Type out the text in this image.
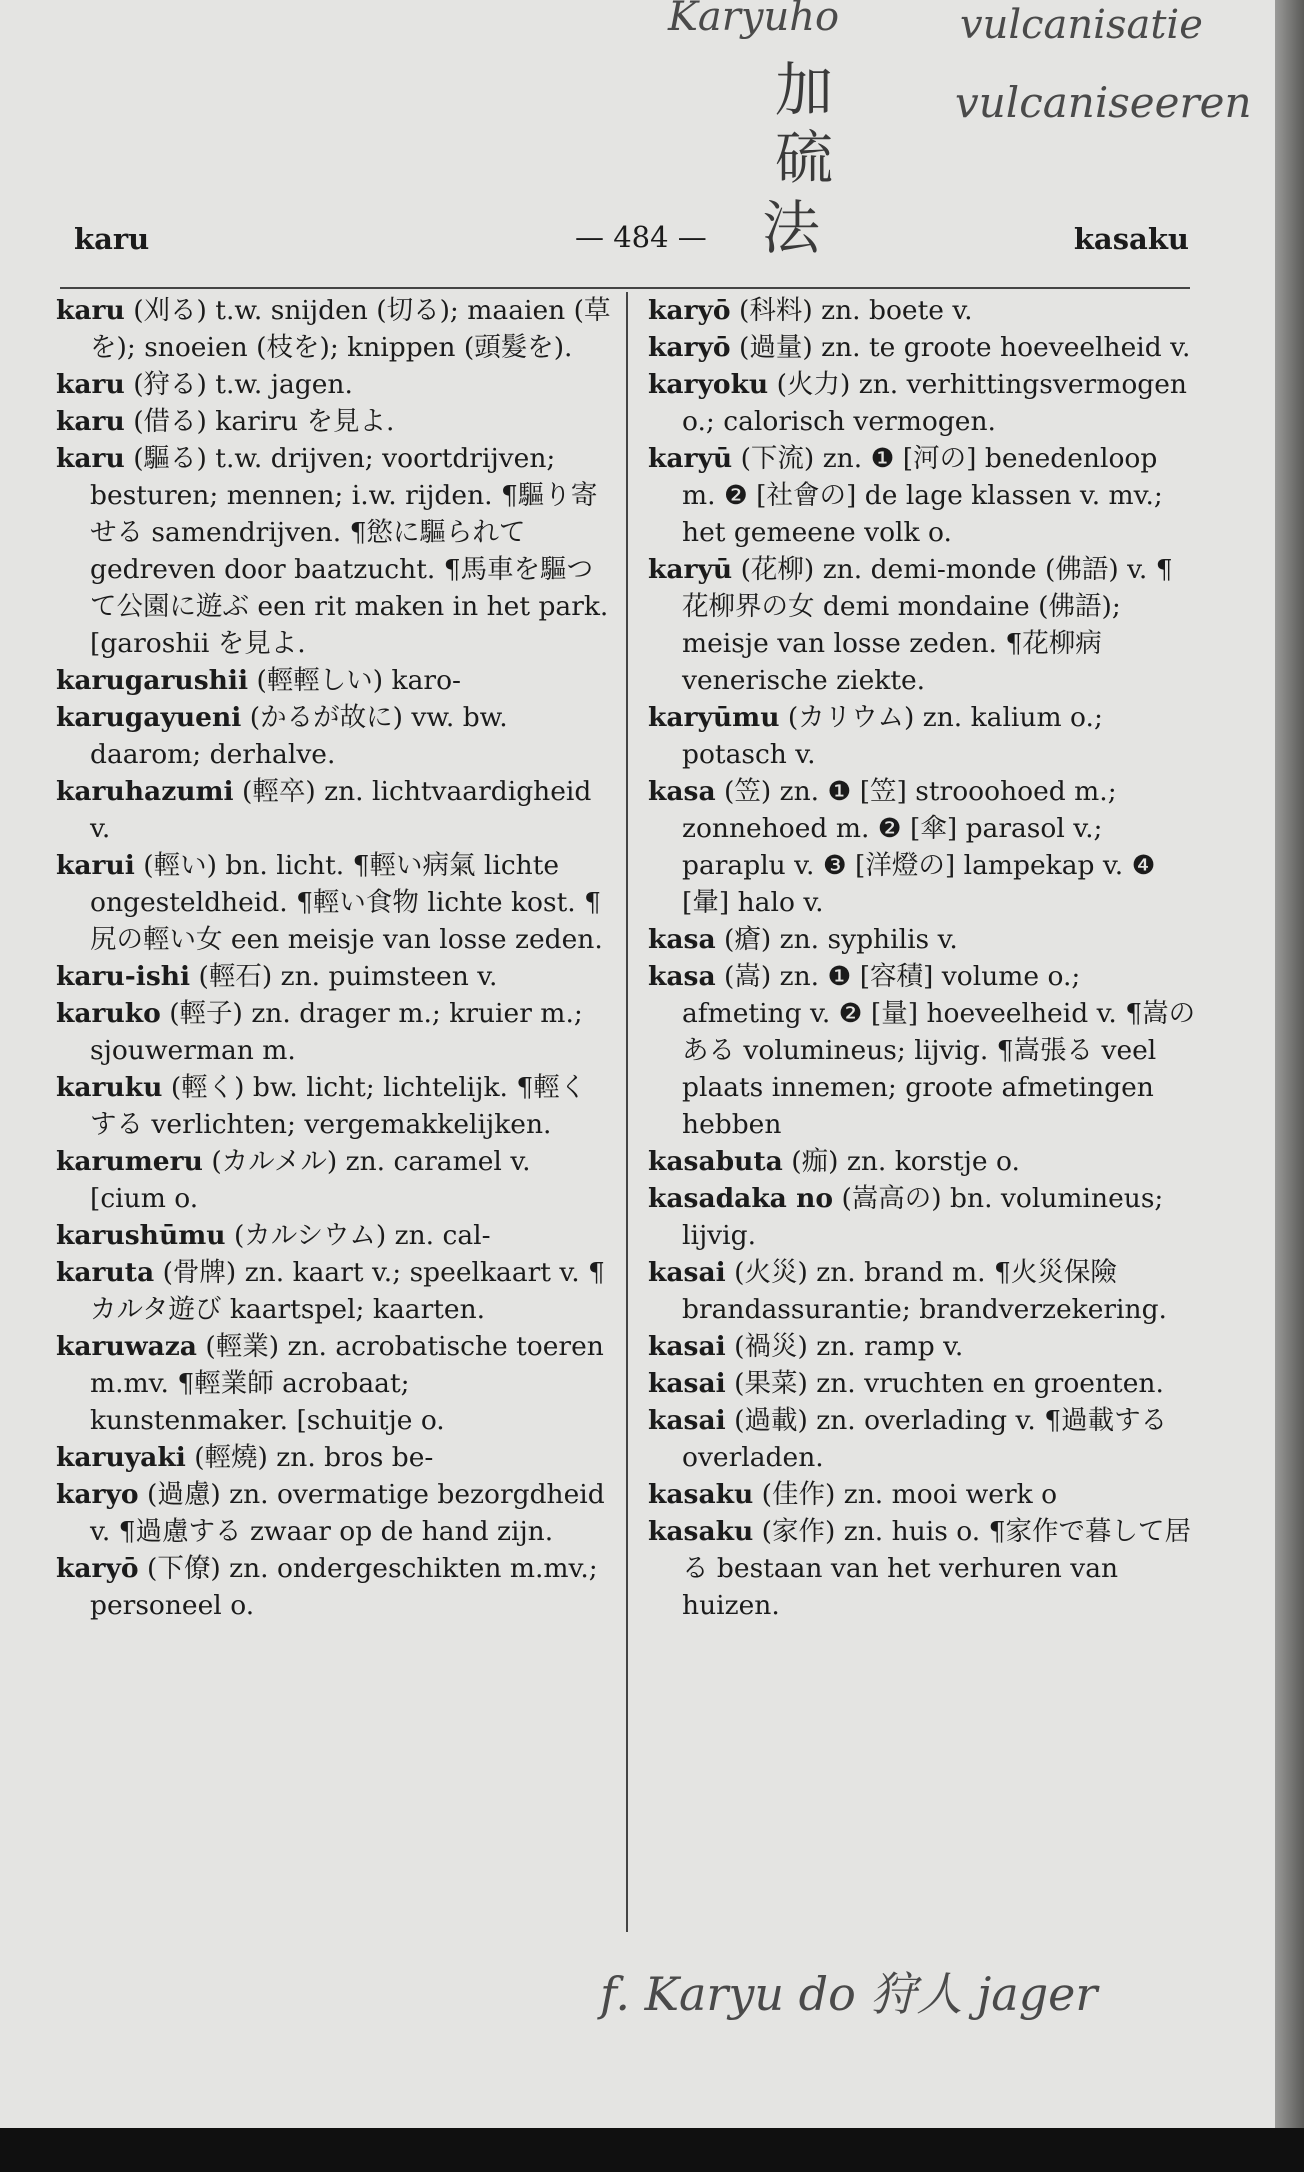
Karyuho	vulcanisatie
vulcaniseeren
加
硫
法
karu	— 484 —	kasaku

karu (刈る) t.w. snijden (切る); maaien (草を); snoeien (枝を); knippen (頭髮を).

karu (狩る) t.w. jagen.

karu (借る) kariru を見よ.

karu (驅る) t.w. drijven; voortdrijven; besturen; mennen; i.w. rijden. ¶驅り寄せる samendrijven. ¶慾に驅られて gedreven door baatzucht. ¶馬車を驅つて公園に遊ぶ een rit maken in het park. [garoshii を見よ.

karugarushii (輕輕しい) karo-

karugayueni (かるが故に) vw. bw. daarom; derhalve.

karuhazumi (輕卒) zn. lichtvaardigheid v.

karui (輕い) bn. licht. ¶輕い病氣 lichte ongesteldheid. ¶輕い食物 lichte kost. ¶尻の輕い女 een meisje van losse zeden.

karu-ishi (輕石) zn. puimsteen v.

karuko (輕子) zn. drager m.; kruier m.; sjouwerman m.

karuku (輕く) bw. licht; lichtelijk. ¶輕くする verlichten; vergemakkelijken.

karumeru (カルメル) zn. caramel v. [cium o.

karushūmu (カルシウム) zn. cal-

karuta (骨牌) zn. kaart v.; speelkaart v. ¶カルタ遊び kaartspel; kaarten.

karuwaza (輕業) zn. acrobatische toeren m.mv. ¶輕業師 acrobaat; kunstenmaker. [schuitje o.

karuyaki (輕燒) zn. bros be-

karyo (過慮) zn. overmatige bezorgdheid v. ¶過慮する zwaar op de hand zijn.

karyō (下僚) zn. ondergeschikten m.mv.; personeel o.

karyō (科料) zn. boete v.

karyō (過量) zn. te groote hoeveelheid v.

karyoku (火力) zn. verhittingsvermogen o.; calorisch vermogen.

karyū (下流) zn. ❶ [河の] benedenloop m. ❷ [社會の] de lage klassen v. mv.; het gemeene volk o.

karyū (花柳) zn. demi-monde (佛語) v. ¶花柳界の女 demi mondaine (佛語); meisje van losse zeden. ¶花柳病 venerische ziekte.

karyūmu (カリウム) zn. kalium o.; potasch v.

kasa (笠) zn. ❶ [笠] strooohoed m.; zonnehoed m. ❷ [傘] parasol v.; paraplu v. ❸ [洋燈の] lampekap v. ❹ [暈] halo v.

kasa (瘡) zn. syphilis v.

kasa (嵩) zn. ❶ [容積] volume o.; afmeting v. ❷ [量] hoeveelheid v. ¶嵩のある volumineus; lijvig. ¶嵩張る veel plaats innemen; groote afmetingen hebben

kasabuta (痂) zn. korstje o.

kasadaka no (嵩高の) bn. volumineus; lijvig.

kasai (火災) zn. brand m. ¶火災保險 brandassurantie; brandverzekering.

kasai (禍災) zn. ramp v.

kasai (果菜) zn. vruchten en groenten.

kasai (過載) zn. overlading v. ¶過載する overladen.

kasaku (佳作) zn. mooi werk o

kasaku (家作) zn. huis o. ¶家作で暮して居る bestaan van het verhuren van huizen.

f. Karyu do 狩人 jager
